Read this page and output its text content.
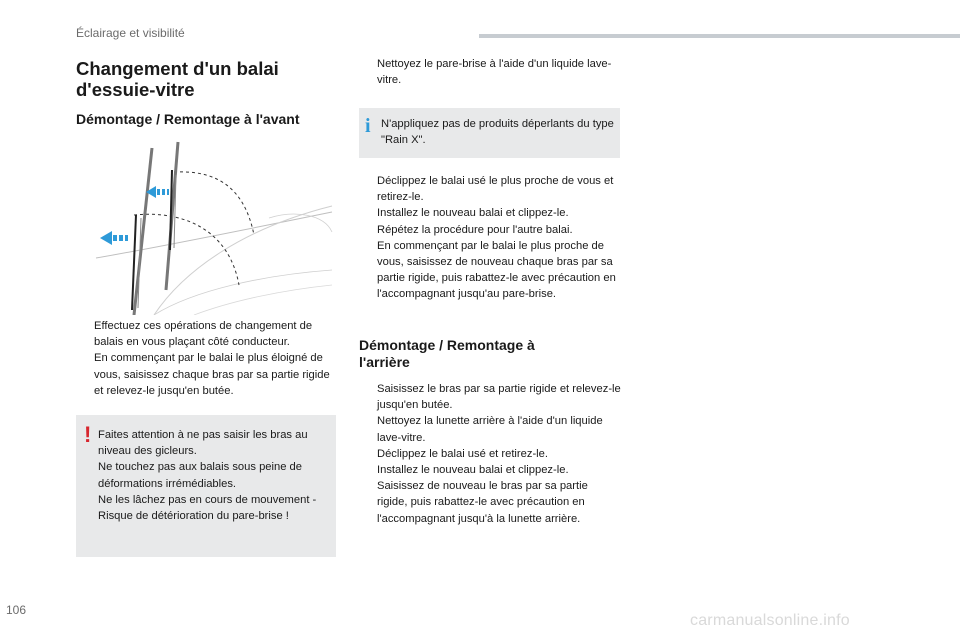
Éclairage et visibilité
Changement d'un balai
d'essuie-vitre
Démontage / Remontage à l'avant
Effectuez ces opérations de changement de balais en vous plaçant côté conducteur.
En commençant par le balai le plus éloigné de vous, saisissez chaque bras par sa partie rigide et relevez-le jusqu'en butée.
! Faites attention à ne pas saisir les bras au niveau des gicleurs.
Ne touchez pas aux balais sous peine de déformations irrémédiables.
Ne les lâchez pas en cours de mouvement - Risque de détérioration du pare-brise !
Nettoyez le pare-brise à l'aide d'un liquide lave-vitre.
i N'appliquez pas de produits déperlants du type "Rain X".
Déclippez le balai usé le plus proche de vous et retirez-le.
Installez le nouveau balai et clippez-le.
Répétez la procédure pour l'autre balai.
En commençant par le balai le plus proche de vous, saisissez de nouveau chaque bras par sa partie rigide, puis rabattez-le avec précaution en l'accompagnant jusqu'au pare-brise.
Démontage / Remontage à
l'arrière
Saisissez le bras par sa partie rigide et relevez-le jusqu'en butée.
Nettoyez la lunette arrière à l'aide d'un liquide lave-vitre.
Déclippez le balai usé et retirez-le.
Installez le nouveau balai et clippez-le.
Saisissez de nouveau le bras par sa partie rigide, puis rabattez-le avec précaution en l'accompagnant jusqu'à la lunette arrière.
106
carmanualsonline.info
